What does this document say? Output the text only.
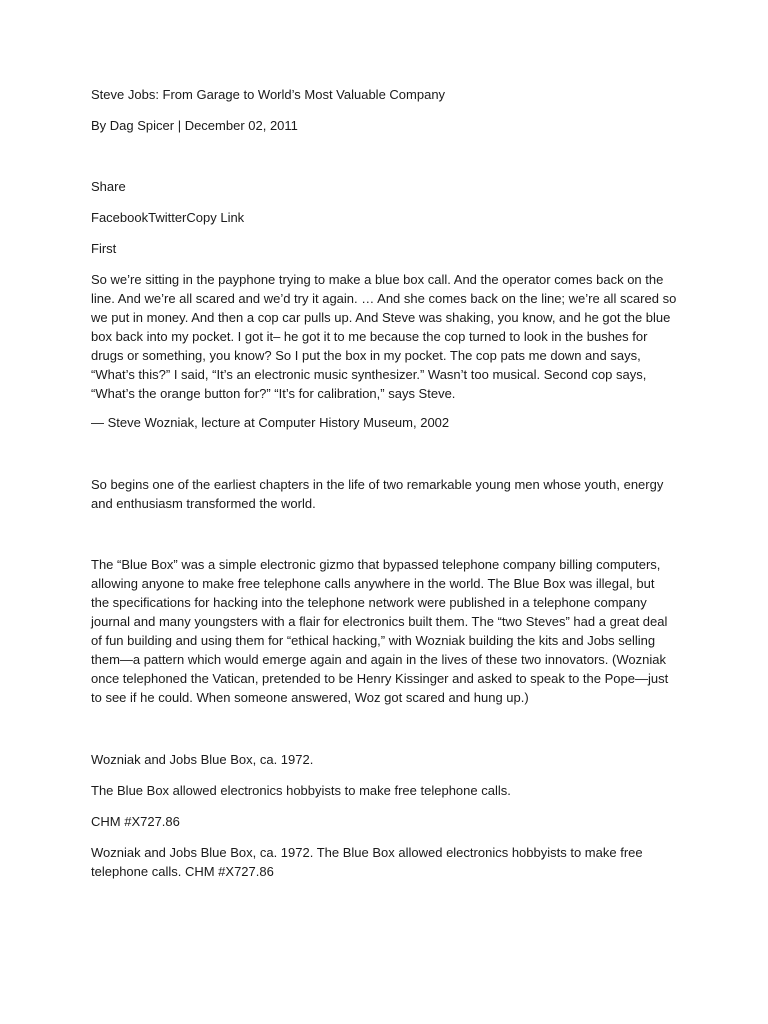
Steve Jobs: From Garage to World’s Most Valuable Company

By Dag Spicer | December 02, 2011

Share

FacebookTwitterCopy Link

First

So we’re sitting in the payphone trying to make a blue box call. And the operator comes back on the
line. And we’re all scared and we’d try it again. … And she comes back on the line; we’re all scared so
we put in money. And then a cop car pulls up. And Steve was shaking, you know, and he got the blue
box back into my pocket. I got it– he got it to me because the cop turned to look in the bushes for
drugs or something, you know? So I put the box in my pocket. The cop pats me down and says,
“What’s this?” I said, “It’s an electronic music synthesizer.” Wasn’t too musical. Second cop says,
“What’s the orange button for?” “It’s for calibration,” says Steve.

— Steve Wozniak, lecture at Computer History Museum, 2002

So begins one of the earliest chapters in the life of two remarkable young men whose youth, energy
and enthusiasm transformed the world.
The “Blue Box” was a simple electronic gizmo that bypassed telephone company billing computers,
allowing anyone to make free telephone calls anywhere in the world. The Blue Box was illegal, but
the specifications for hacking into the telephone network were published in a telephone company
journal and many youngsters with a flair for electronics built them. The “two Steves” had a great deal
of fun building and using them for “ethical hacking,” with Wozniak building the kits and Jobs selling
them—a pattern which would emerge again and again in the lives of these two innovators. (Wozniak
once telephoned the Vatican, pretended to be Henry Kissinger and asked to speak to the Pope—just
to see if he could. When someone answered, Woz got scared and hung up.)

Wozniak and Jobs Blue Box, ca. 1972.

The Blue Box allowed electronics hobbyists to make free telephone calls.

CHM #X727.86

Wozniak and Jobs Blue Box, ca. 1972. The Blue Box allowed electronics hobbyists to make free
telephone calls. CHM #X727.86
